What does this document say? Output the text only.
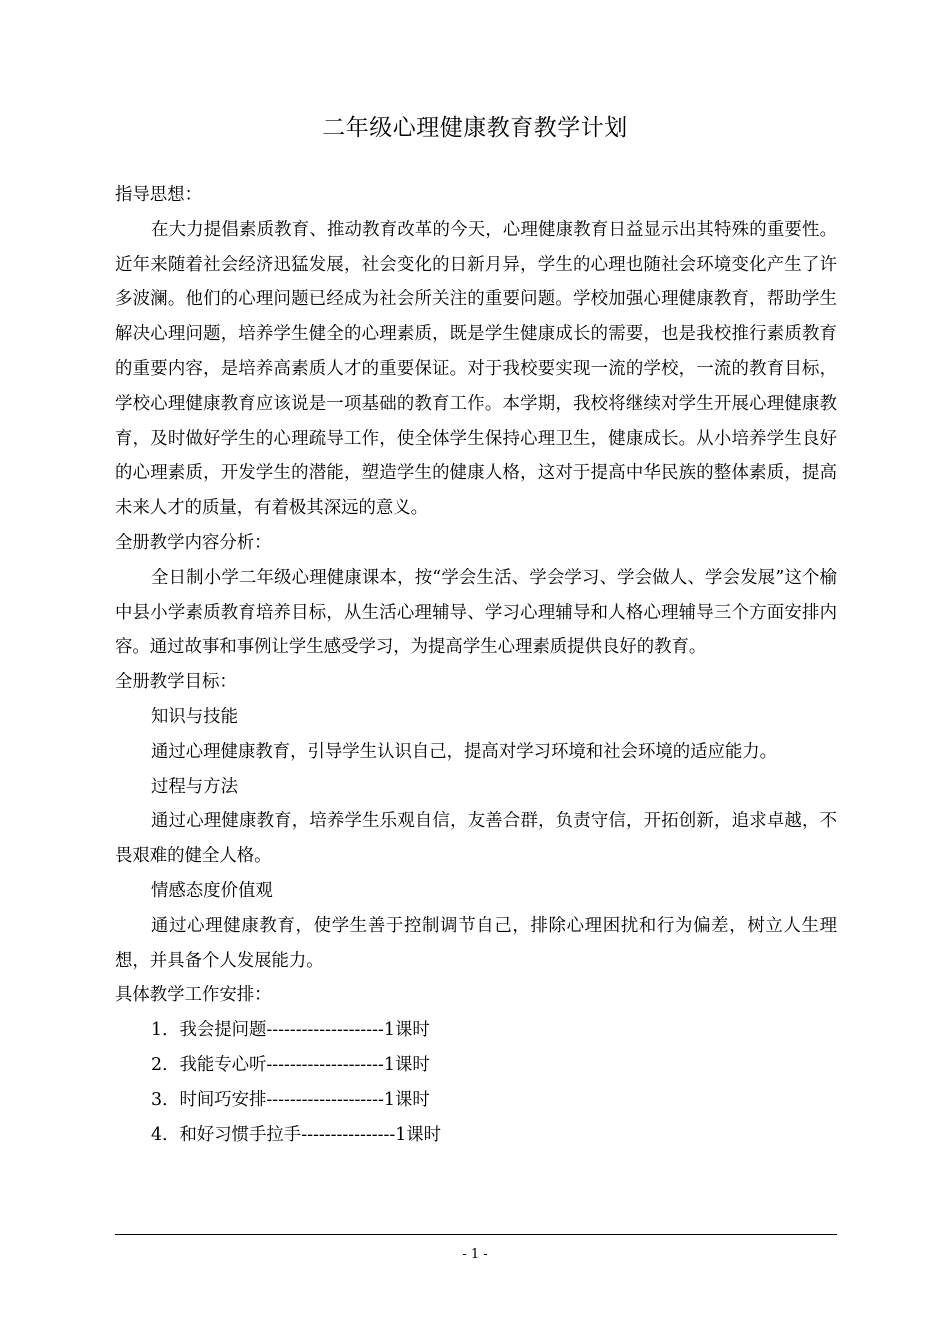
二年级心理健康教育教学计划

指导思想：

在大力提倡素质教育、推动教育改革的今天，心理健康教育日益显示出其特殊的重要性。近年来随着社会经济迅猛发展，社会变化的日新月异，学生的心理也随社会环境变化产生了许多波澜。他们的心理问题已经成为社会所关注的重要问题。学校加强心理健康教育，帮助学生解决心理问题，培养学生健全的心理素质，既是学生健康成长的需要，也是我校推行素质教育的重要内容，是培养高素质人才的重要保证。对于我校要实现一流的学校，一流的教育目标，学校心理健康教育应该说是一项基础的教育工作。本学期，我校将继续对学生开展心理健康教育，及时做好学生的心理疏导工作，使全体学生保持心理卫生，健康成长。从小培养学生良好的心理素质，开发学生的潜能，塑造学生的健康人格，这对于提高中华民族的整体素质，提高未来人才的质量，有着极其深远的意义。

全册教学内容分析：

全日制小学二年级心理健康课本，按“学会生活、学会学习、学会做人、学会发展”这个榆中县小学素质教育培养目标，从生活心理辅导、学习心理辅导和人格心理辅导三个方面安排内容。通过故事和事例让学生感受学习，为提高学生心理素质提供良好的教育。

全册教学目标：

知识与技能

通过心理健康教育，引导学生认识自己，提高对学习环境和社会环境的适应能力。

过程与方法

通过心理健康教育，培养学生乐观自信，友善合群，负责守信，开拓创新，追求卓越，不畏艰难的健全人格。

情感态度价值观

通过心理健康教育，使学生善于控制调节自己，排除心理困扰和行为偏差，树立人生理想，并具备个人发展能力。

具体教学工作安排：

1．我会提问题--------------------1课时

2．我能专心听--------------------1课时

3．时间巧安排--------------------1课时

4．和好习惯手拉手----------------1课时

- 1 -
